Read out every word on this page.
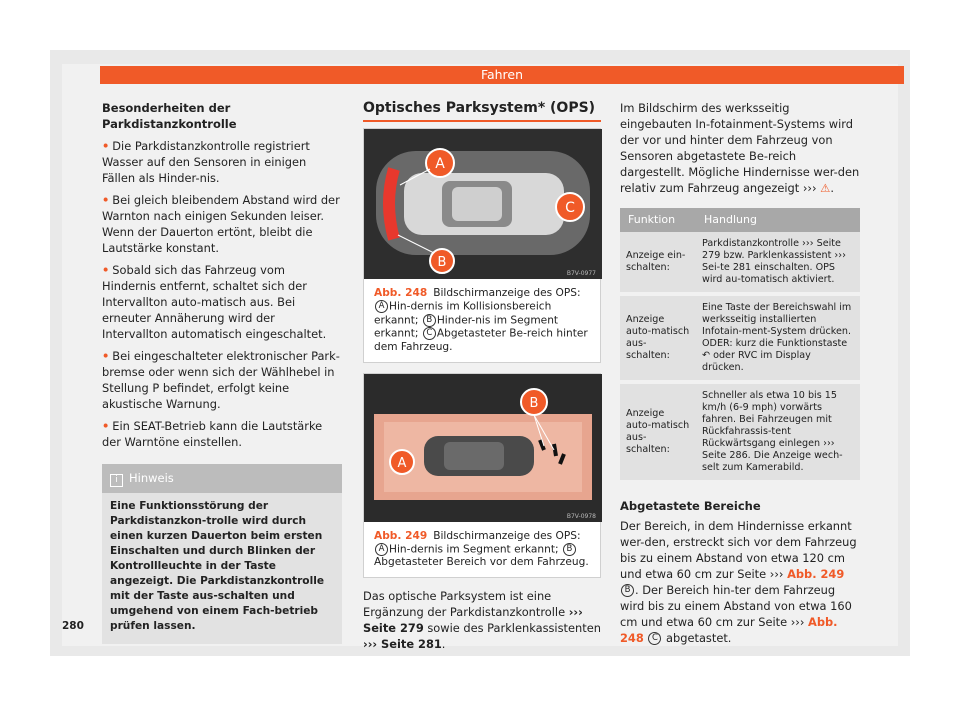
Fahren
Besonderheiten der Parkdistanzkontrolle

• Die Parkdistanzkontrolle registriert Wasser auf den Sensoren in einigen Fällen als Hinder-nis.

• Bei gleich bleibendem Abstand wird der Warnton nach einigen Sekunden leiser. Wenn der Dauerton ertönt, bleibt die Lautstärke konstant.

• Sobald sich das Fahrzeug vom Hindernis entfernt, schaltet sich der Intervallton auto-matisch aus. Bei erneuter Annäherung wird der Intervallton automatisch eingeschaltet.

• Bei eingeschalteter elektronischer Park-bremse oder wenn sich der Wählhebel in Stellung P befindet, erfolgt keine akustische Warnung.

• Ein SEAT-Betrieb kann die Lautstärke der Warntöne einstellen.

i Hinweis
Eine Funktionsstörung der Parkdistanzkon-trolle wird durch einen kurzen Dauerton beim ersten Einschalten und durch Blinken der Kontrollleuchte in der Taste angezeigt. Die Parkdistanzkontrolle mit der Taste aus-schalten und umgehend von einem Fach-betrieb prüfen lassen.
Optisches Parksystem* (OPS)
A
C
B
B7V-0977
Abb. 248 Bildschirmanzeige des OPS: A Hin-dernis im Kollisionsbereich erkannt; B Hinder-nis im Segment erkannt; C Abgetasteter Be-reich hinter dem Fahrzeug.
B
A
B7V-0978
Abb. 249 Bildschirmanzeige des OPS: A Hin-dernis im Segment erkannt; BAbgetasteter Bereich vor dem Fahrzeug.

Das optische Parksystem ist eine Ergänzung der Parkdistanzkontrolle ››› Seite 279 sowie des Parklenkassistenten ››› Seite 281.

Im Bildschirm des werksseitig eingebauten In-fotainment-Systems wird der vor und hinter dem Fahrzeug von Sensoren abgetastete Be-reich dargestellt. Mögliche Hindernisse wer-den relativ zum Fahrzeug angezeigt ››› ⚠.

Funktion	Handlung
Anzeige ein-schalten:	Parkdistanzkontrolle ››› Seite 279 bzw. Parklenkassistent ››› Sei-te 281 einschalten. OPS wird au-tomatisch aktiviert.
Anzeige auto-matisch aus-schalten:	Eine Taste der Bereichswahl im werksseitig installierten Infotain-ment-System drücken. ODER: kurz die Funktionstaste ↶ oder RVC im Display drücken.
Anzeige auto-matisch aus-schalten:	Schneller als etwa 10 bis 15 km/h (6-9 mph) vorwärts fahren. Bei Fahrzeugen mit Rückfahrassis-tent Rückwärtsgang einlegen ››› Seite 286. Die Anzeige wech-selt zum Kamerabild.
Abgetastete Bereiche

Der Bereich, in dem Hindernisse erkannt wer-den, erstreckt sich vor dem Fahrzeug bis zu einem Abstand von etwa 120 cm und etwa 60 cm zur Seite ››› Abb. 249 B . Der Bereich hin-ter dem Fahrzeug wird bis zu einem Abstand von etwa 160 cm und etwa 60 cm zur Seite ››› Abb. 248 C abgetastet.

280
